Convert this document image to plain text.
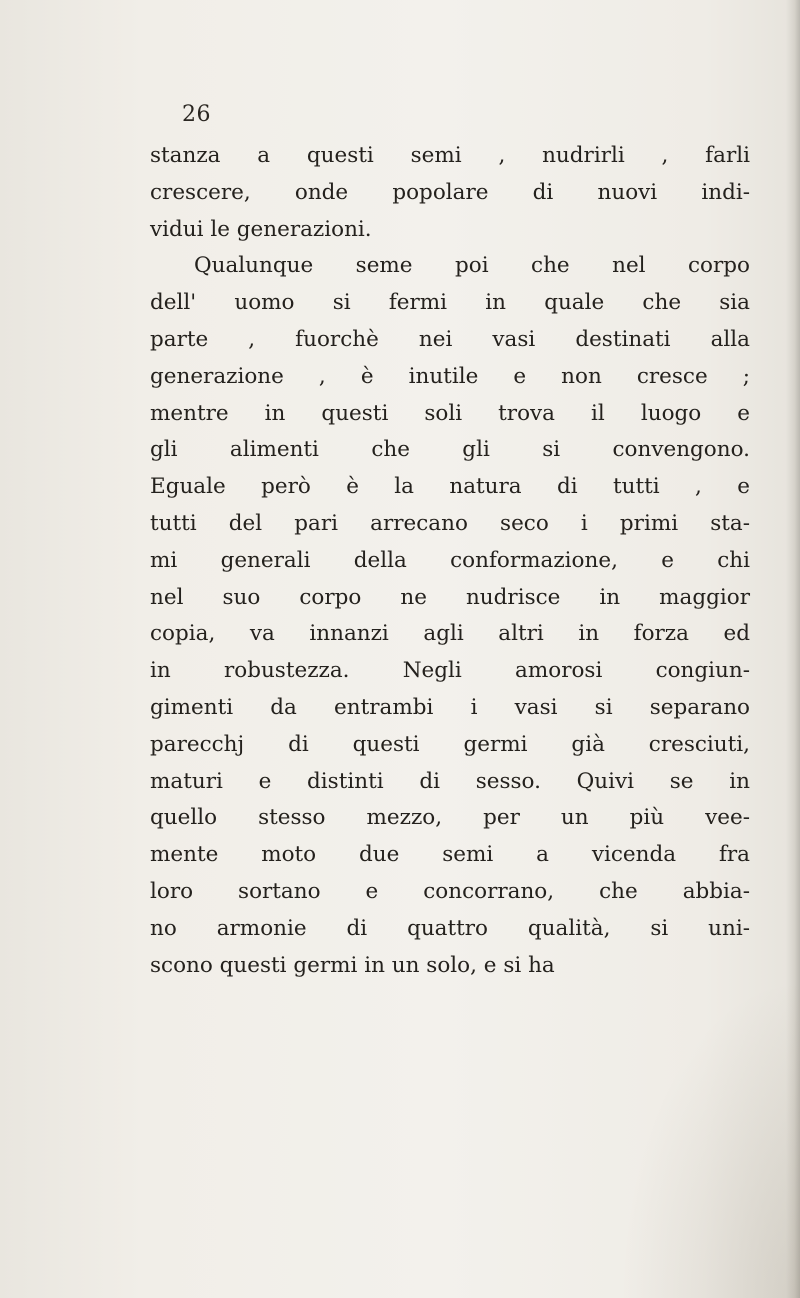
26
stanza a questi semi , nudrirli , farli
crescere, onde popolare di nuovi indi-
vidui le generazioni.
Qualunque seme poi che nel corpo
dell' uomo si fermi in quale che sia
parte , fuorchè nei vasi destinati alla
generazione , è inutile e non cresce ;
mentre in questi soli trova il luogo e
gli alimenti che gli si convengono.
Eguale però è la natura di tutti , e
tutti del pari arrecano seco i primi sta-
mi generali della conformazione, e chi
nel suo corpo ne nudrisce in maggior
copia, va innanzi agli altri in forza ed
in robustezza. Negli amorosi congiun-
gimenti da entrambi i vasi si separano
parecchj di questi germi già cresciuti,
maturi e distinti di sesso. Quivi se in
quello stesso mezzo, per un più vee-
mente moto due semi a vicenda fra
loro sortano e concorrano, che abbia-
no armonie di quattro qualità, si uni-
scono questi germi in un solo, e si ha
